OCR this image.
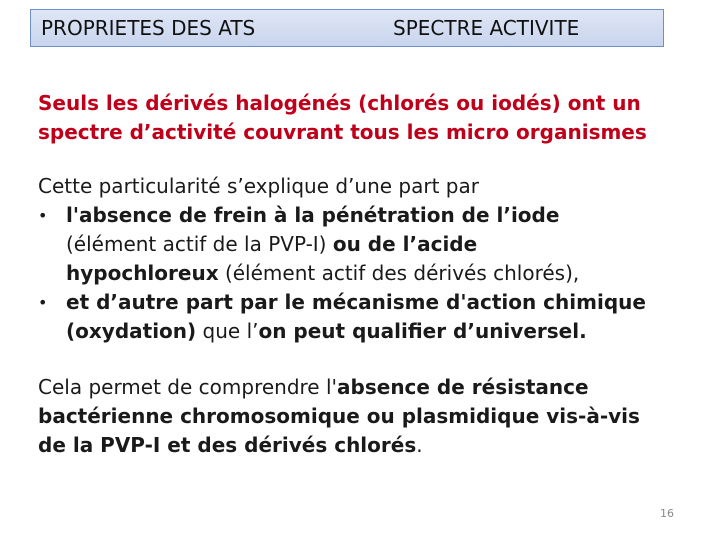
PROPRIETES DES ATS	SPECTRE ACTIVITE
Seuls les dérivés halogénés (chlorés ou iodés) ont un
spectre d’activité couvrant tous les micro organismes
Cette particularité s’explique d’une part par
• l'absence de frein à la pénétration de l’iode
(élément actif de la PVP-I) ou de l’acide
hypochloreux (élément actif des dérivés chlorés),
• et d’autre part par le mécanisme d'action chimique
(oxydation) que l’on peut qualifier d’universel.
Cela permet de comprendre l'absence de résistance
bactérienne chromosomique ou plasmidique vis-à-vis
de la PVP-I et des dérivés chlorés.
16
